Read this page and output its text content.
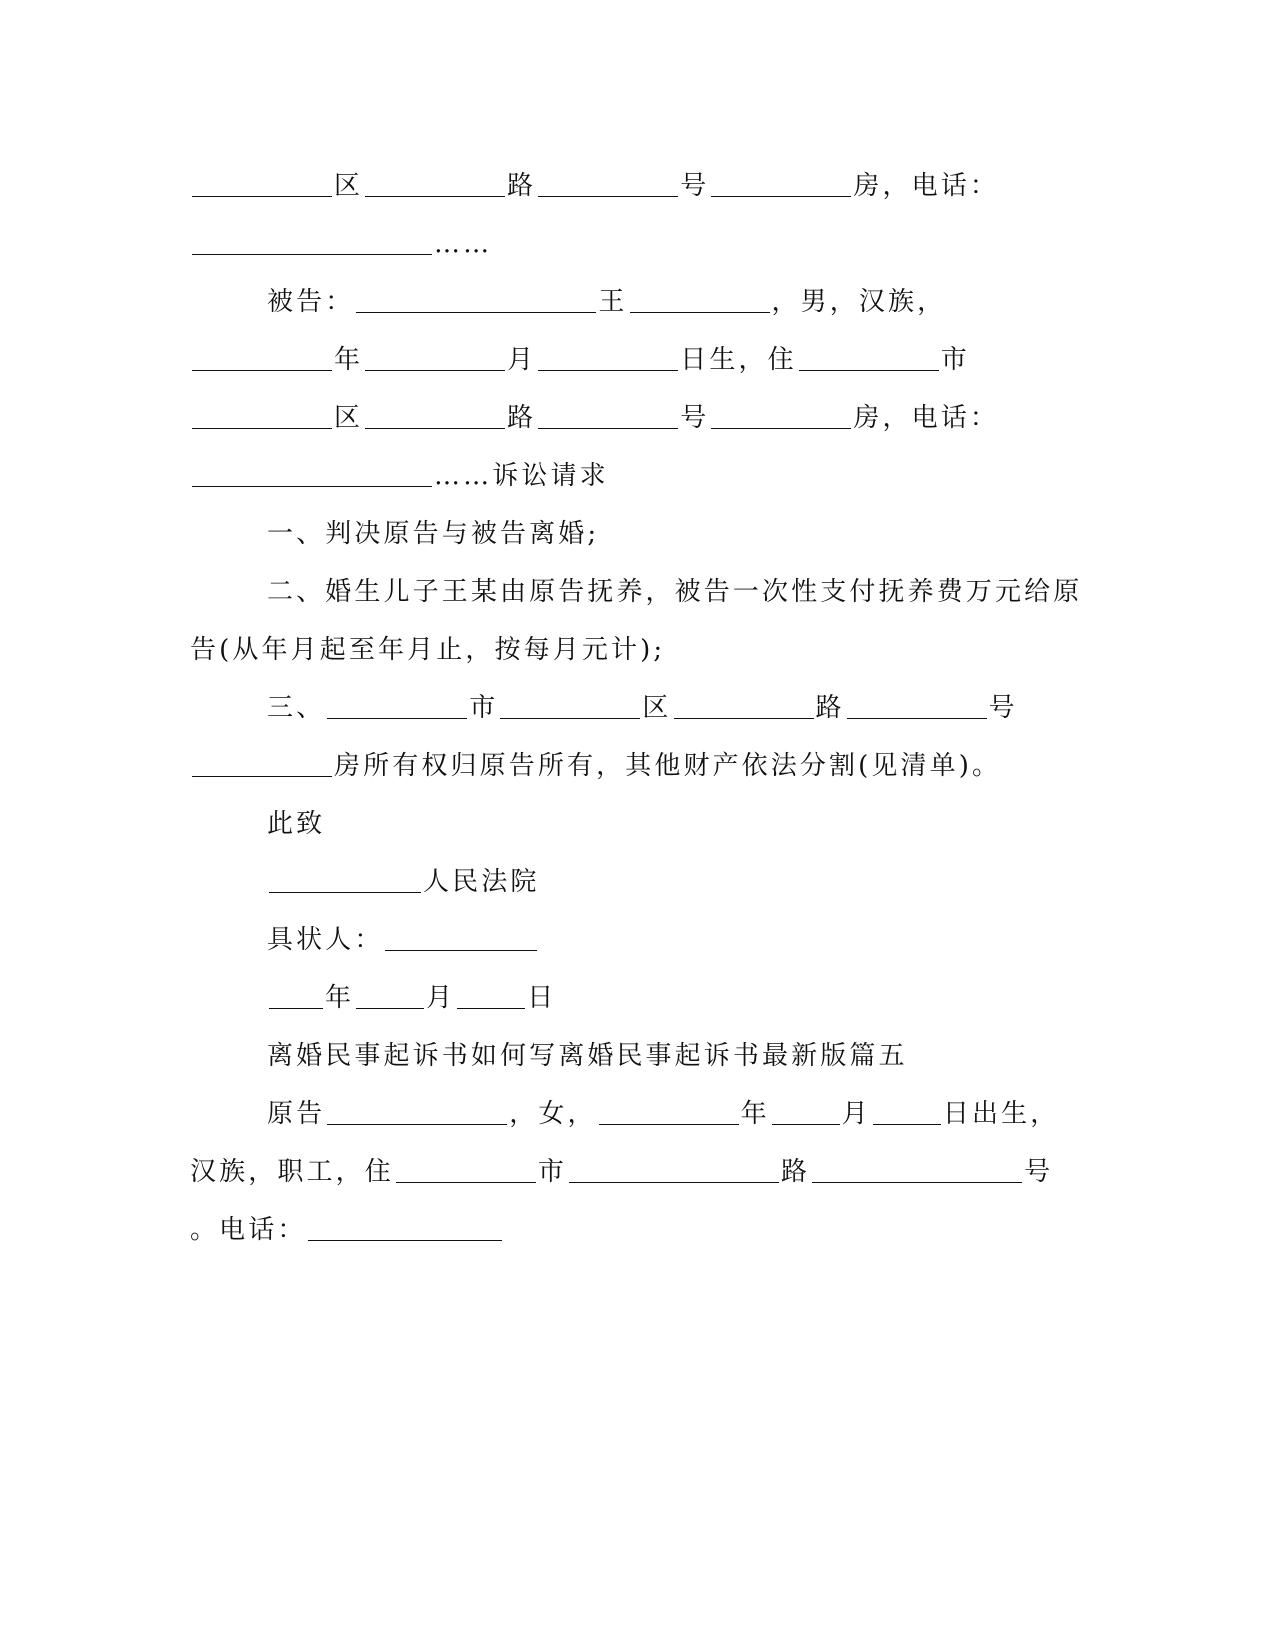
区	路	号	房，电话：
……
被告：	王	，男，汉族，
年	月	日生，住	市
区	路	号	房，电话：
……诉讼请求
一、判决原告与被告离婚;
二、婚生儿子王某由原告抚养，被告一次性支付抚养费万元给原
告(从年月起至年月止，按每月元计);
三、	市	区	路	号
房所有权归原告所有，其他财产依法分割(见清单)。
此致
人民法院
具状人：
年	月	日
离婚民事起诉书如何写离婚民事起诉书最新版篇五
原告	，女，	年	月	日出生，
汉族，职工，住	市	路	号
。电话：
